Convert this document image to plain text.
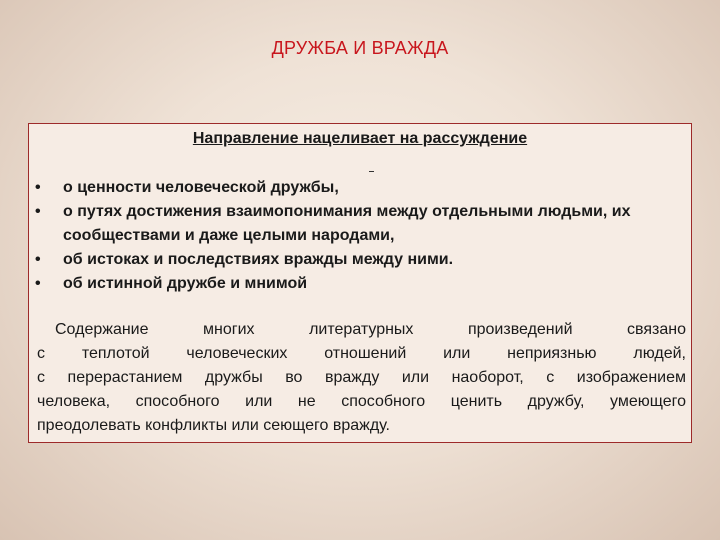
ДРУЖБА И ВРАЖДА
Направление нацеливает на рассуждение
• о ценности человеческой дружбы,
• о путях достижения взаимопонимания между отдельными людьми, их сообществами и даже целыми народами,
• об истоках и последствиях вражды между ними.
• об истинной дружбе и мнимой
Содержание многих литературных произведений связано
с теплотой человеческих отношений или неприязнью людей,
с перерастанием дружбы во вражду или наоборот, с изображением
человека, способного или не способного ценить дружбу, умеющего
преодолевать конфликты или сеющего вражду.
